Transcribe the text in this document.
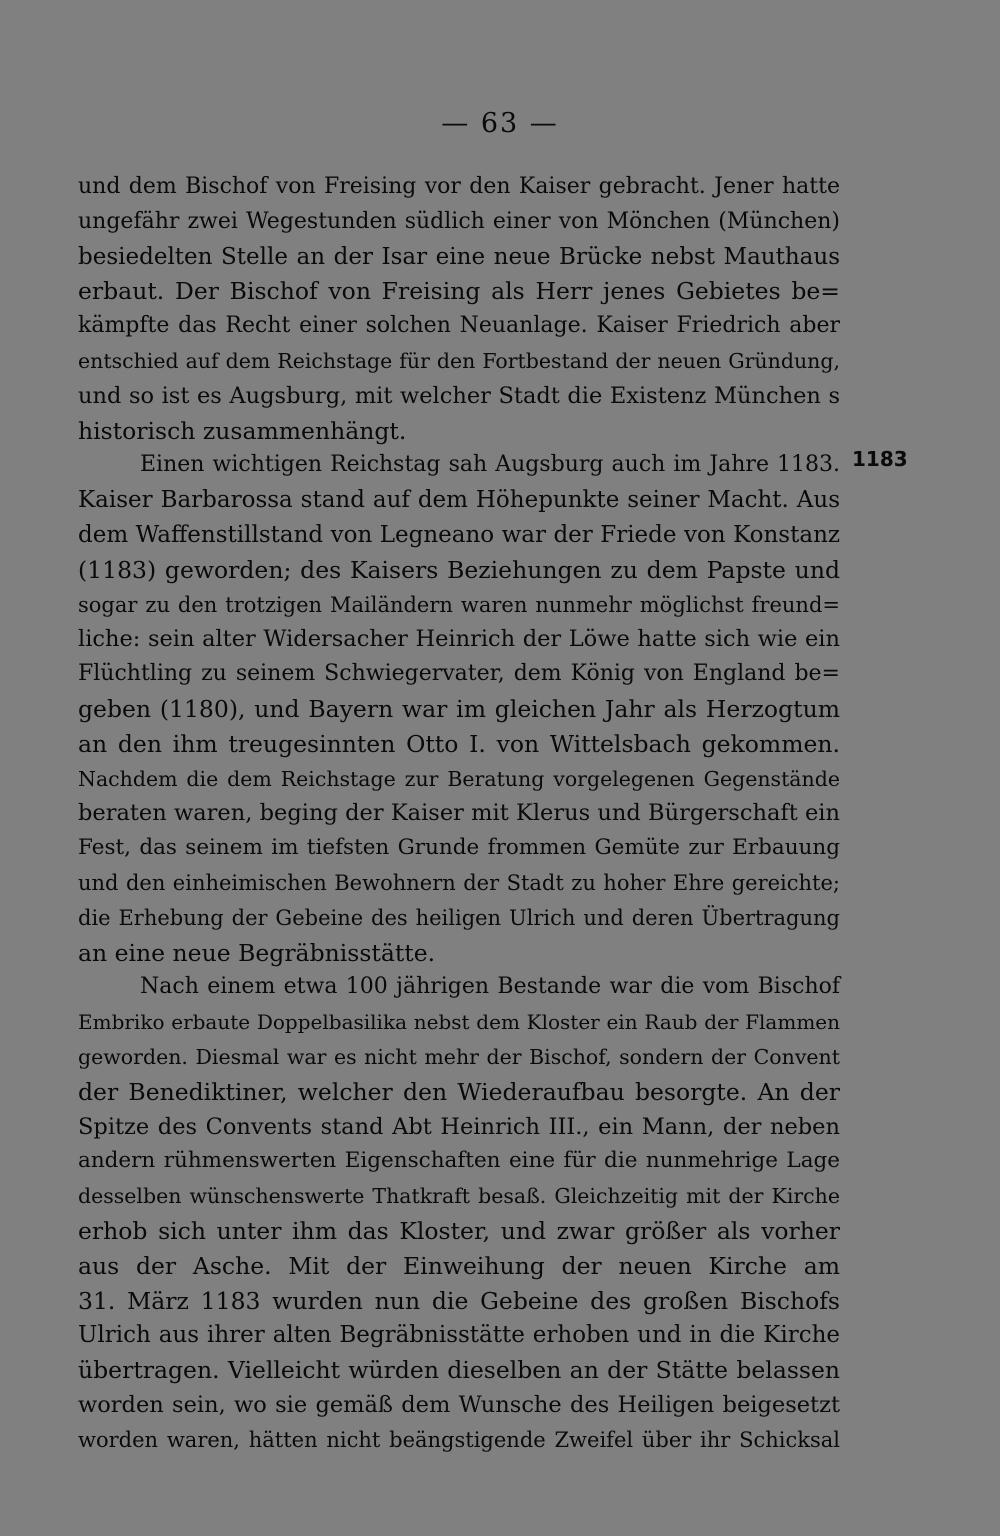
— 63 —
1183
und dem Bischof von Freising vor den Kaiser gebracht. Jener hatte
ungefähr zwei Wegestunden südlich einer von Mönchen (München)
besiedelten Stelle an der Isar eine neue Brücke nebst Mauthaus
erbaut. Der Bischof von Freising als Herr jenes Gebietes be=
kämpfte das Recht einer solchen Neuanlage. Kaiser Friedrich aber
entschied auf dem Reichstage für den Fortbestand der neuen Gründung,
und so ist es Augsburg, mit welcher Stadt die Existenz München s
historisch zusammenhängt.
Einen wichtigen Reichstag sah Augsburg auch im Jahre 1183.
Kaiser Barbarossa stand auf dem Höhepunkte seiner Macht. Aus
dem Waffenstillstand von Legneano war der Friede von Konstanz
(1183) geworden; des Kaisers Beziehungen zu dem Papste und
sogar zu den trotzigen Mailändern waren nunmehr möglichst freund=
liche: sein alter Widersacher Heinrich der Löwe hatte sich wie ein
Flüchtling zu seinem Schwiegervater, dem König von England be=
geben (1180), und Bayern war im gleichen Jahr als Herzogtum
an den ihm treugesinnten Otto I. von Wittelsbach gekommen.
Nachdem die dem Reichstage zur Beratung vorgelegenen Gegenstände
beraten waren, beging der Kaiser mit Klerus und Bürgerschaft ein
Fest, das seinem im tiefsten Grunde frommen Gemüte zur Erbauung
und den einheimischen Bewohnern der Stadt zu hoher Ehre gereichte;
die Erhebung der Gebeine des heiligen Ulrich und deren Übertragung
an eine neue Begräbnisstätte.
Nach einem etwa 100 jährigen Bestande war die vom Bischof
Embriko erbaute Doppelbasilika nebst dem Kloster ein Raub der Flammen
geworden. Diesmal war es nicht mehr der Bischof, sondern der Convent
der Benediktiner, welcher den Wiederaufbau besorgte. An der
Spitze des Convents stand Abt Heinrich III., ein Mann, der neben
andern rühmenswerten Eigenschaften eine für die nunmehrige Lage
desselben wünschenswerte Thatkraft besaß. Gleichzeitig mit der Kirche
erhob sich unter ihm das Kloster, und zwar größer als vorher
aus der Asche. Mit der Einweihung der neuen Kirche am
31. März 1183 wurden nun die Gebeine des großen Bischofs
Ulrich aus ihrer alten Begräbnisstätte erhoben und in die Kirche
übertragen. Vielleicht würden dieselben an der Stätte belassen
worden sein, wo sie gemäß dem Wunsche des Heiligen beigesetzt
worden waren, hätten nicht beängstigende Zweifel über ihr Schicksal
